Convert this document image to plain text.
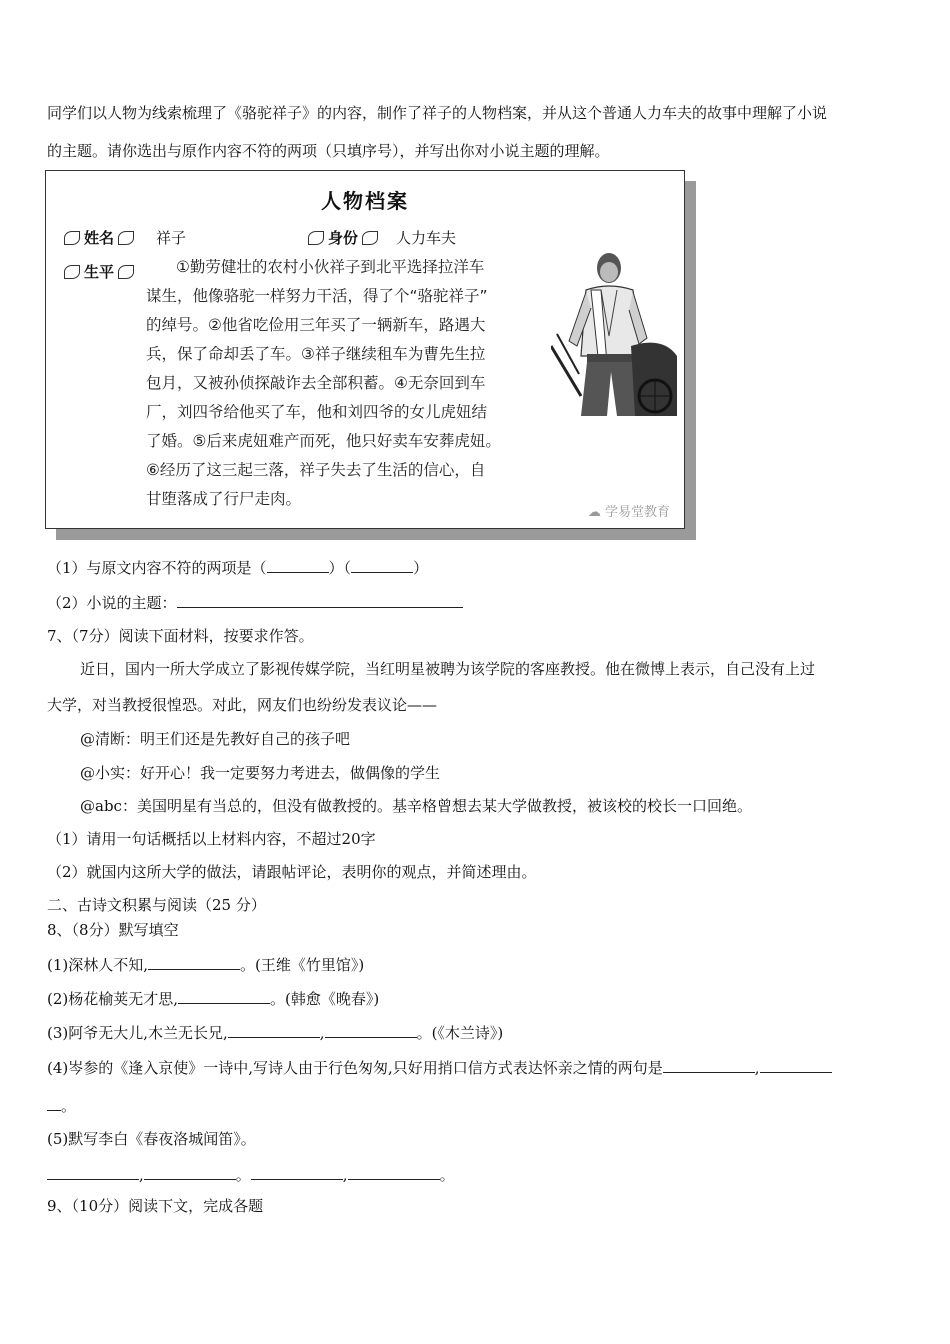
同学们以人物为线索梳理了《骆驼祥子》的内容，制作了祥子的人物档案，并从这个普通人力车夫的故事中理解了小说
的主题。请你选出与原作内容不符的两项（只填序号），并写出你对小说主题的理解。
人物档案
姓名	祥子	身份	人力车夫
生平	①勤劳健壮的农村小伙祥子到北平选择拉洋车
谋生，他像骆驼一样努力干活，得了个“骆驼祥子”
的绰号。②他省吃俭用三年买了一辆新车，路遇大
兵，保了命却丢了车。③祥子继续租车为曹先生拉
包月，又被孙侦探敲诈去全部积蓄。④无奈回到车
厂，刘四爷给他买了车，他和刘四爷的女儿虎妞结
了婚。⑤后来虎妞难产而死，他只好卖车安葬虎妞。
⑥经历了这三起三落，祥子失去了生活的信心，自
甘堕落成了行尸走肉。
☁ 学易堂教育
（1）与原文内容不符的两项是（	）（	）
（2）小说的主题：
7、（7分）阅读下面材料，按要求作答。
近日，国内一所大学成立了影视传媒学院，当红明星被聘为该学院的客座教授。他在微博上表示，自己没有上过
大学，对当教授很惶恐。对此，网友们也纷纷发表议论——
@清断：明王们还是先教好自己的孩子吧
@小实：好开心！我一定要努力考进去，做偶像的学生
@abc：美国明星有当总的，但没有做教授的。基辛格曾想去某大学做教授，被该校的校长一口回绝。
（1）请用一句话概括以上材料内容，不超过20字
（2）就国内这所大学的做法，请跟帖评论，表明你的观点，并简述理由。
二、古诗文积累与阅读（25 分）
8、（8分）默写填空
(1)深林人不知,	。(王维《竹里馆》)
(2)杨花榆荚无才思,	。(韩愈《晚春》)
(3)阿爷无大儿,木兰无长兄,	,	。(《木兰诗》)
(4)岑参的《逢入京使》一诗中,写诗人由于行色匆匆,只好用捎口信方式表达怀亲之情的两句是	,
。
(5)默写李白《春夜洛城闻笛》。
,	。	,	。
9、（10分）阅读下文，完成各题
